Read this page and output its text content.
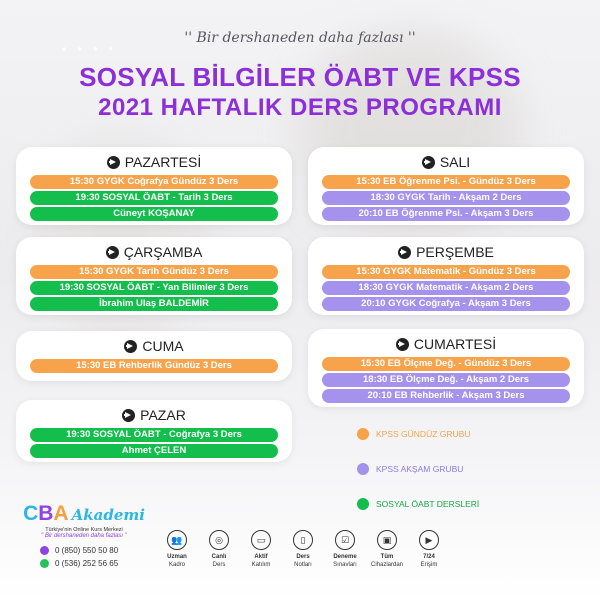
'' Bir dershaneden daha fazlası ''
• • • •
SOSYAL BİLGİLER ÖABT VE KPSS
2021 HAFTALIK DERS PROGRAMI
PAZARTESİ
15:30 GYGK Coğrafya Gündüz 3 Ders
19:30 SOSYAL ÖABT - Tarih 3 Ders
Cüneyt KOŞANAY
SALI
15:30 EB Öğrenme Psi. - Gündüz 3 Ders
18:30 GYGK Tarih - Akşam 2 Ders
20:10 EB Öğrenme Psi. - Akşam 3 Ders
ÇARŞAMBA
15:30 GYGK Tarih Gündüz 3 Ders
19:30 SOSYAL ÖABT - Yan Bilimler 3 Ders
İbrahim Ulaş BALDEMİR
PERŞEMBE
15:30 GYGK Matematik - Gündüz 3 Ders
18:30 GYGK Matematik - Akşam 2 Ders
20:10 GYGK Coğrafya - Akşam 3 Ders
CUMA
15:30 EB Rehberlik Gündüz 3 Ders
CUMARTESİ
15:30 EB Ölçme Değ. - Gündüz 3 Ders
18:30 EB Ölçme Değ. - Akşam 2 Ders
20:10 EB Rehberlik - Akşam 3 Ders
PAZAR
19:30 SOSYAL ÖABT - Coğrafya 3 Ders
Ahmet ÇELEN
KPSS GÜNDÜZ GRUBU
KPSS AKŞAM GRUBU
SOSYAL ÖABT DERSLERİ
C B A Akademi
Türkiye'nin Online Kurs Merkezi
'' Bir dershaneden daha fazlası ''
0 (850) 550 50 80
0 (536) 252 56 65
👥
Uzman
Kadro
◎
Canlı
Ders
▭
Aktif
Katılım
▯
Ders
Notları
☑
Deneme
Sınavları
▣
Tüm
Cihazlardan
▶
7/24
Erişim
